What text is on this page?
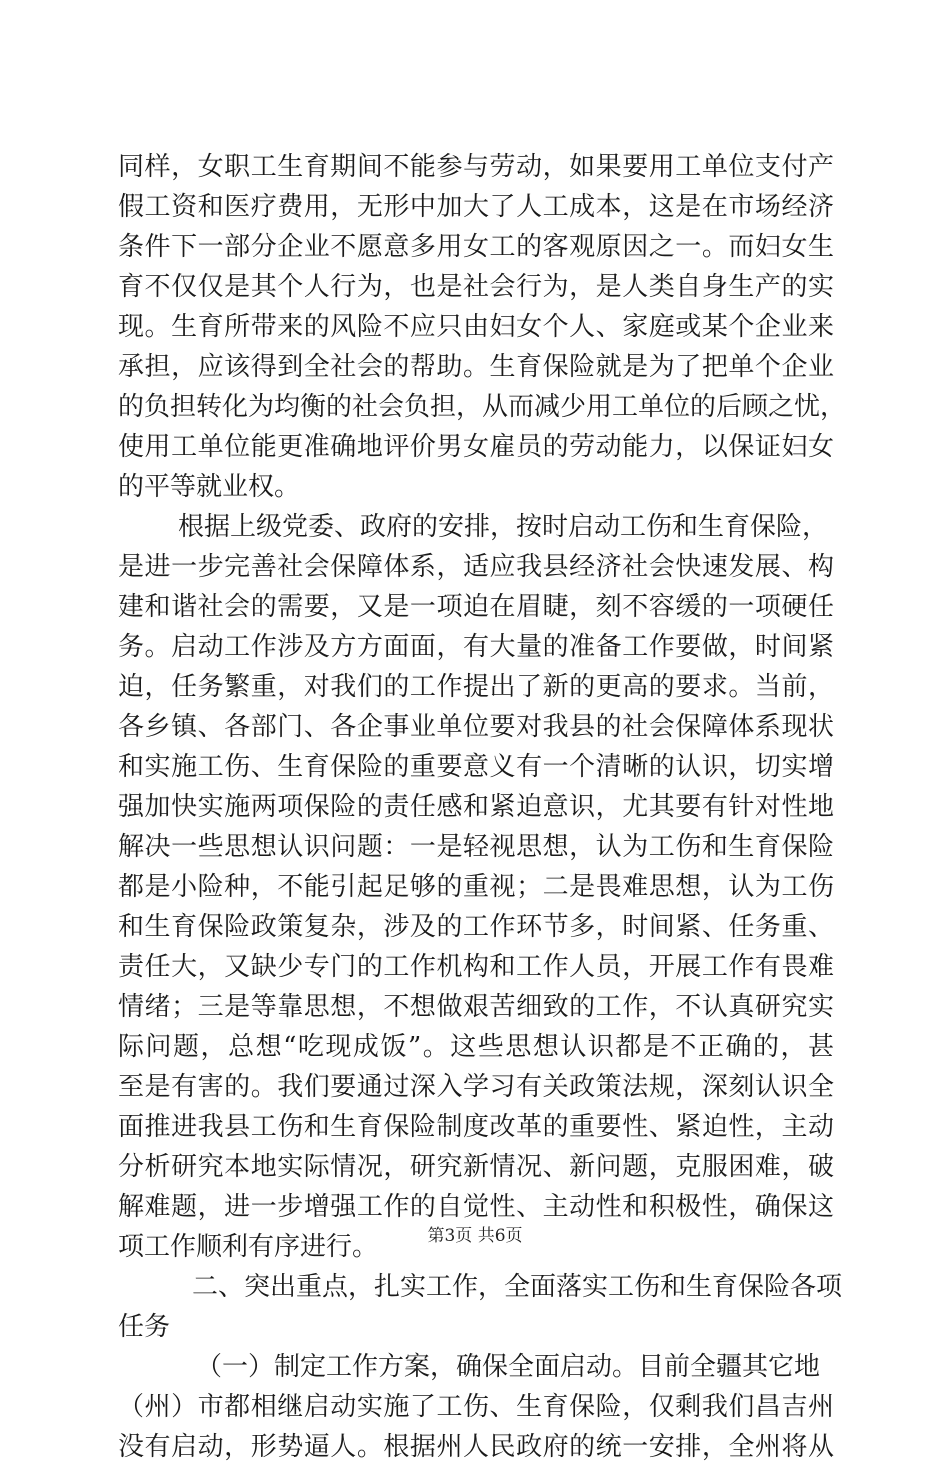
同样，女职工生育期间不能参与劳动，如果要用工单位支付产
假工资和医疗费用，无形中加大了人工成本，这是在市场经济
条件下一部分企业不愿意多用女工的客观原因之一。而妇女生
育不仅仅是其个人行为，也是社会行为，是人类自身生产的实
现。生育所带来的风险不应只由妇女个人、家庭或某个企业来
承担，应该得到全社会的帮助。生育保险就是为了把单个企业
的负担转化为均衡的社会负担，从而减少用工单位的后顾之忧，
使用工单位能更准确地评价男女雇员的劳动能力，以保证妇女
的平等就业权。
根据上级党委、政府的安排，按时启动工伤和生育保险，
是进一步完善社会保障体系，适应我县经济社会快速发展、构
建和谐社会的需要，又是一项迫在眉睫，刻不容缓的一项硬任
务。启动工作涉及方方面面，有大量的准备工作要做，时间紧
迫，任务繁重，对我们的工作提出了新的更高的要求。当前，
各乡镇、各部门、各企事业单位要对我县的社会保障体系现状
和实施工伤、生育保险的重要意义有一个清晰的认识，切实增
强加快实施两项保险的责任感和紧迫意识，尤其要有针对性地
解决一些思想认识问题：一是轻视思想，认为工伤和生育保险
都是小险种，不能引起足够的重视；二是畏难思想，认为工伤
和生育保险政策复杂，涉及的工作环节多，时间紧、任务重、
责任大，又缺少专门的工作机构和工作人员，开展工作有畏难
情绪；三是等靠思想，不想做艰苦细致的工作，不认真研究实
际问题，总想“吃现成饭”。这些思想认识都是不正确的，甚
至是有害的。我们要通过深入学习有关政策法规，深刻认识全
面推进我县工伤和生育保险制度改革的重要性、紧迫性，主动
分析研究本地实际情况，研究新情况、新问题，克服困难，破
解难题，进一步增强工作的自觉性、主动性和积极性，确保这
项工作顺利有序进行。
二、突出重点，扎实工作，全面落实工伤和生育保险各项
任务
（一）制定工作方案，确保全面启动。目前全疆其它地
（州）市都相继启动实施了工伤、生育保险，仅剩我们昌吉州
没有启动，形势逼人。根据州人民政府的统一安排，全州将从
第3页 共6页
